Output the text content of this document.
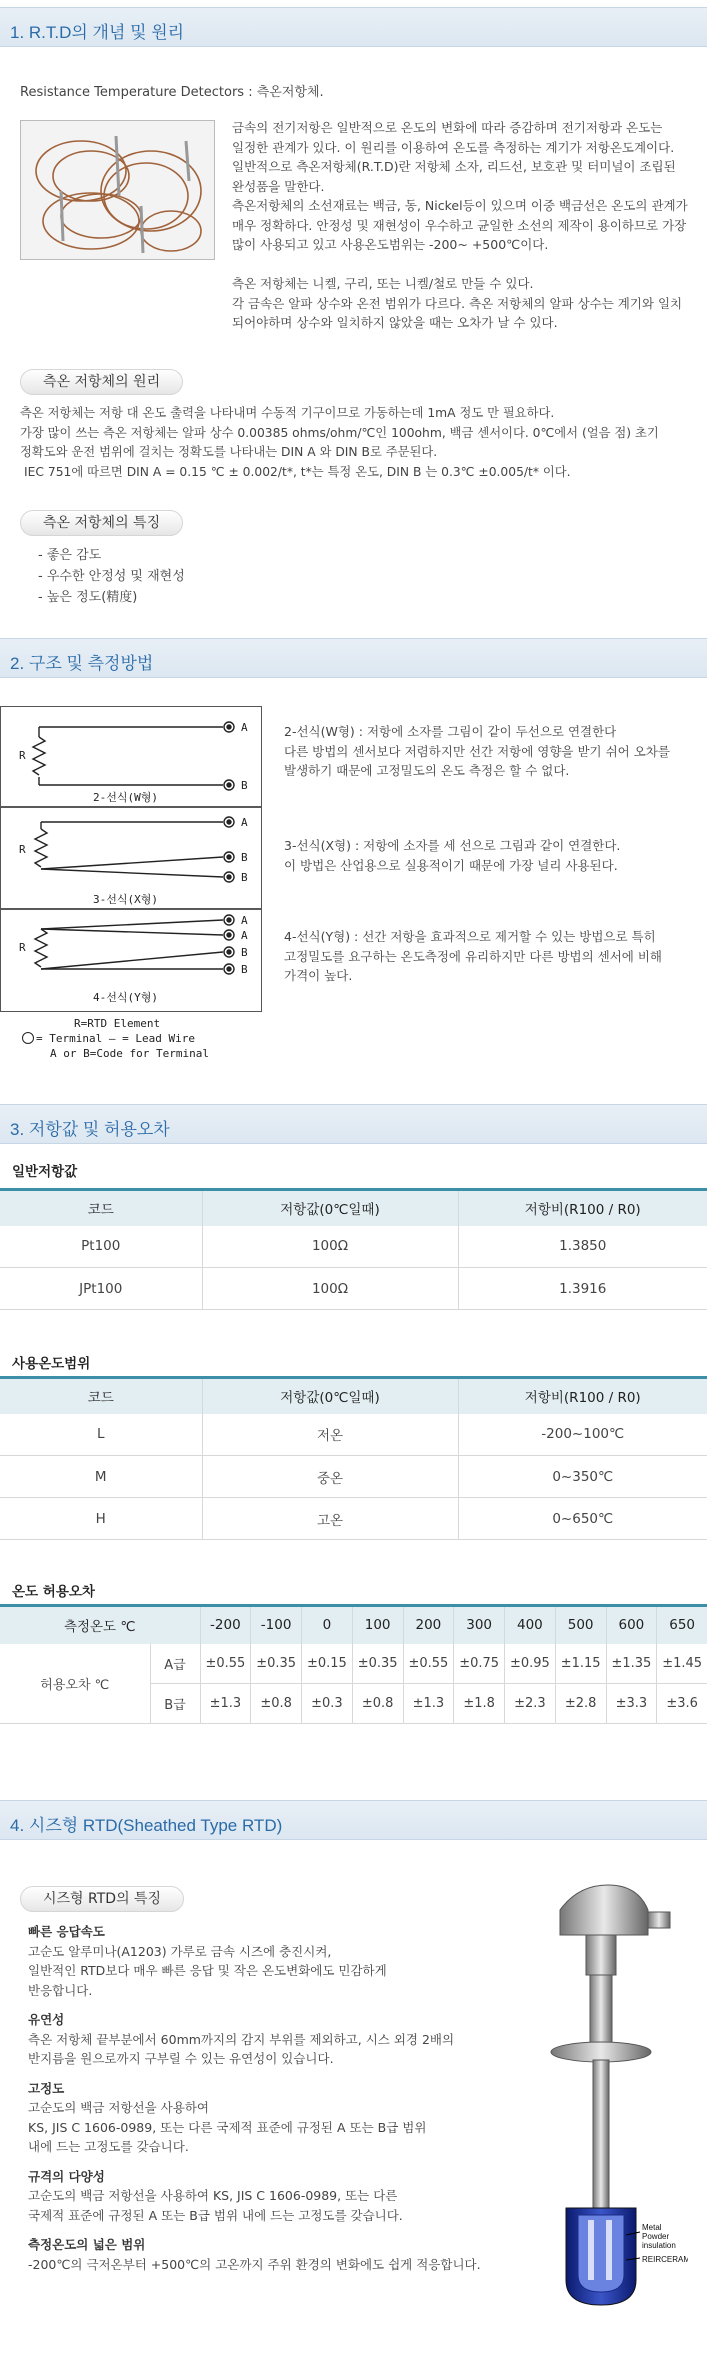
1. R.T.D의 개념 및 원리
Resistance Temperature Detectors : 측온저항체.
금속의 전기저항은 일반적으로 온도의 변화에 따라 증감하며 전기저항과 온도는
일정한 관계가 있다. 이 원리를 이용하여 온도를 측정하는 계기가 저항온도계이다.
일반적으로 측온저항체(R.T.D)란 저항체 소자, 리드선, 보호관 및 터미널이 조립된
완성품을 말한다.
측온저항체의 소선재료는 백금, 동, Nickel등이 있으며 이중 백금선은 온도의 관계가
매우 정확하다. 안정성 및 재현성이 우수하고 균일한 소선의 제작이 용이하므로 가장
많이 사용되고 있고 사용온도범위는 -200~ +500℃이다.
측온 저항체는 니켈, 구리, 또는 니켈/철로 만들 수 있다.
각 금속은 알파 상수와 온전 범위가 다르다. 측온 저항체의 알파 상수는 계기와 일치
되어야하며 상수와 일치하지 않았을 때는 오차가 날 수 있다.
측온 저항체의 원리
측온 저항체는 저항 대 온도 출력을 나타내며 수동적 기구이므로 가동하는데 1mA 정도 만 필요하다.
가장 많이 쓰는 측온 저항체는 알파 상수 0.00385 ohms/ohm/℃인 100ohm, 백금 센서이다. 0℃에서 (얼음 점) 초기
정확도와 운전 범위에 걸치는 정확도를 나타내는 DIN A 와 DIN B로 주문된다.
IEC 751에 따르면 DIN A = 0.15 ℃ ± 0.002/t*, t*는 특정 온도, DIN B 는 0.3℃ ±0.005/t* 이다.
측온 저항체의 특징
- 좋은 감도
- 우수한 안정성 및 재현성
- 높은 정도(精度)
2. 구조 및 측정방법
R
A
B
2-선식(W형)
R
A
B
B
3-선식(X형)
R
A
A
B
B
4-선식(Y형)
R=RTD Element
= Terminal — = Lead Wire
A or B=Code for Terminal
2-선식(W형) : 저항에 소자를 그림이 같이 두선으로 연결한다
다른 방법의 센서보다 저렴하지만 선간 저항에 영향을 받기 쉬어 오차를
발생하기 때문에 고정밀도의 온도 측정은 할 수 없다.
3-선식(X형) : 저항에 소자를 세 선으로 그림과 같이 연결한다.
이 방법은 산업용으로 실용적이기 때문에 가장 널리 사용된다.
4-선식(Y형) : 선간 저항을 효과적으로 제거할 수 있는 방법으로 특히
고정밀도를 요구하는 온도측정에 유리하지만 다른 방법의 센서에 비해
가격이 높다.
3. 저항값 및 허용오차
일반저항값
코드	저항값(0℃일때)	저항비(R100 / R0)
Pt100	100Ω	1.3850
JPt100	100Ω	1.3916
사용온도범위
코드	저항값(0℃일때)	저항비(R100 / R0)
L	저온	-200~100℃
M	중온	0~350℃
H	고온	0~650℃
온도 허용오차
측정온도 ℃		-200	-100	0	100	200	300	400	500	600	650
허용오차 ℃	A급	±0.55	±0.35	±0.15	±0.35	±0.55	±0.75	±0.95	±1.15	±1.35	±1.45
	B급	±1.3	±0.8	±0.3	±0.8	±1.3	±1.8	±2.3	±2.8	±3.3	±3.6
4. 시즈형 RTD(Sheathed Type RTD)
시즈형 RTD의 특징
빠른 응답속도
고순도 알루미나(A1203) 가루로 금속 시즈에 충진시켜,
일반적인 RTD보다 매우 빠른 응답 및 작은 온도변화에도 민감하게
반응합니다.
유연성
측온 저항체 끝부분에서 60mm까지의 감지 부위를 제외하고, 시스 외경 2배의
반지름을 원으로까지 구부릴 수 있는 유연성이 있습니다.
고정도
고순도의 백금 저항선을 사용하여
KS, JIS C 1606-0989, 또는 다른 국제적 표준에 규정된 A 또는 B급 범위
내에 드는 고정도를 갖습니다.
규격의 다양성
고순도의 백금 저항선을 사용하여 KS, JIS C 1606-0989, 또는 다른
국제적 표준에 규정된 A 또는 B급 범위 내에 드는 고정도를 갖습니다.
측정온도의 넓은 범위
-200℃의 극저온부터 +500℃의 고온까지 주위 환경의 변화에도 쉽게 적응합니다.
Metal
Powder
insulation
REIRCERAM
